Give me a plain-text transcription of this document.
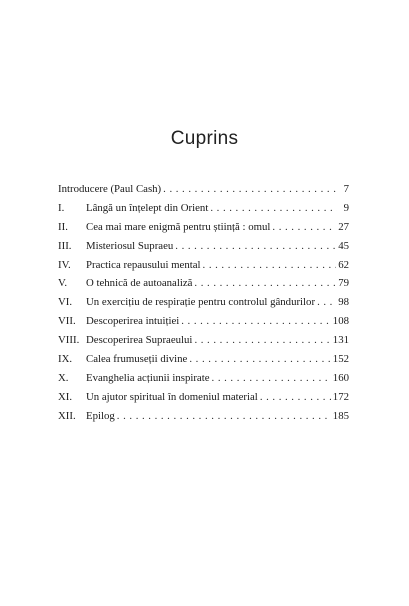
Cuprins
Introducere (Paul Cash) . . .	7
I.	Lângă un înțelept din Orient . . .	9
II.	Cea mai mare enigmă pentru știință : omul . . .	27
III.	Misteriosul Supraeu . . .	45
IV.	Practica repausului mental . . .	62
V.	O tehnică de autoanaliză . . .	79
VI.	Un exercițiu de respirație pentru controlul gândurilor . . . 98
VII. Descoperirea intuiției . . .	108
VIII. Descoperirea Supraeului . . .	131
IX.	Calea frumuseții divine . . .	152
X.	Evanghelia acțiunii inspirate . . .	160
XI.	Un ajutor spiritual în domeniul material . . .	172
XII. Epilog . . .	185
